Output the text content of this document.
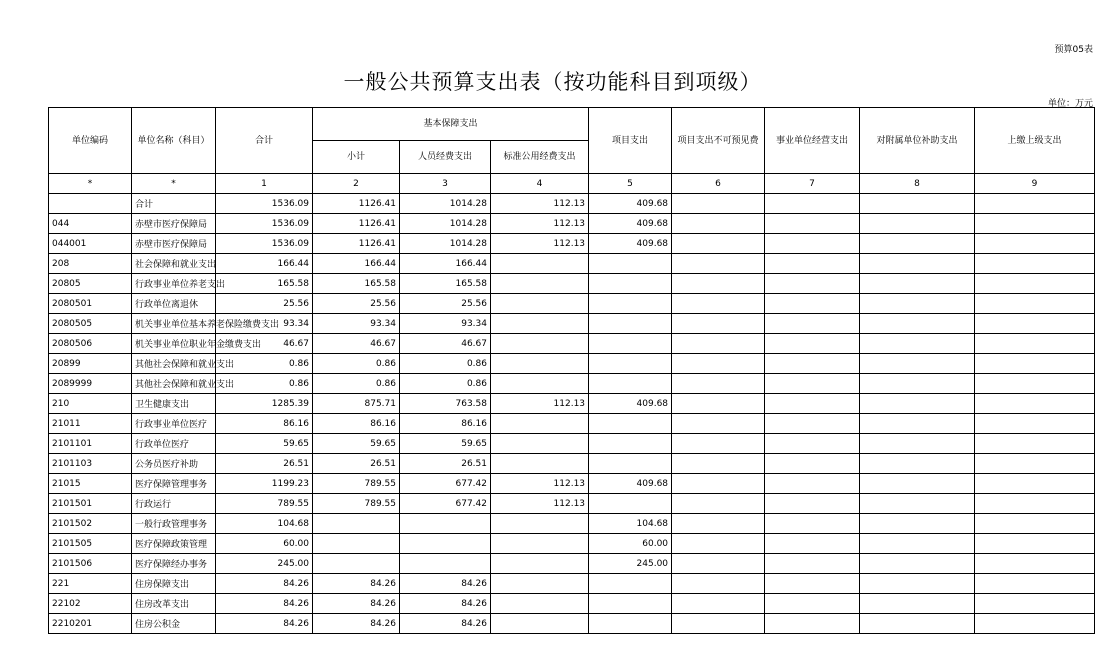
预算05表
一般公共预算支出表（按功能科目到项级）
单位：万元
单位编码	单位名称（科目）	合计	基本保障支出			项目支出	项目支出不可预见费	事业单位经营支出	对附属单位补助支出	上缴上级支出
			小计	人员经费支出	标准公用经费支出					
*	*	1	2	3	4	5	6	7	8	9
	合计	1536.09	1126.41	1014.28	112.13	409.68				
044	赤壁市医疗保障局	1536.09	1126.41	1014.28	112.13	409.68				
044001	赤壁市医疗保障局	1536.09	1126.41	1014.28	112.13	409.68				
208	社会保障和就业支出	166.44	166.44	166.44						
20805	行政事业单位养老支出	165.58	165.58	165.58						
2080501	行政单位离退休	25.56	25.56	25.56						
2080505	机关事业单位基本养老保险缴费支出	93.34	93.34	93.34						
2080506	机关事业单位职业年金缴费支出	46.67	46.67	46.67						
20899	其他社会保障和就业支出	0.86	0.86	0.86						
2089999	其他社会保障和就业支出	0.86	0.86	0.86						
210	卫生健康支出	1285.39	875.71	763.58	112.13	409.68				
21011	行政事业单位医疗	86.16	86.16	86.16						
2101101	行政单位医疗	59.65	59.65	59.65						
2101103	公务员医疗补助	26.51	26.51	26.51						
21015	医疗保障管理事务	1199.23	789.55	677.42	112.13	409.68				
2101501	行政运行	789.55	789.55	677.42	112.13					
2101502	一般行政管理事务	104.68				104.68				
2101505	医疗保障政策管理	60.00				60.00				
2101506	医疗保障经办事务	245.00				245.00				
221	住房保障支出	84.26	84.26	84.26						
22102	住房改革支出	84.26	84.26	84.26						
2210201	住房公积金	84.26	84.26	84.26						
